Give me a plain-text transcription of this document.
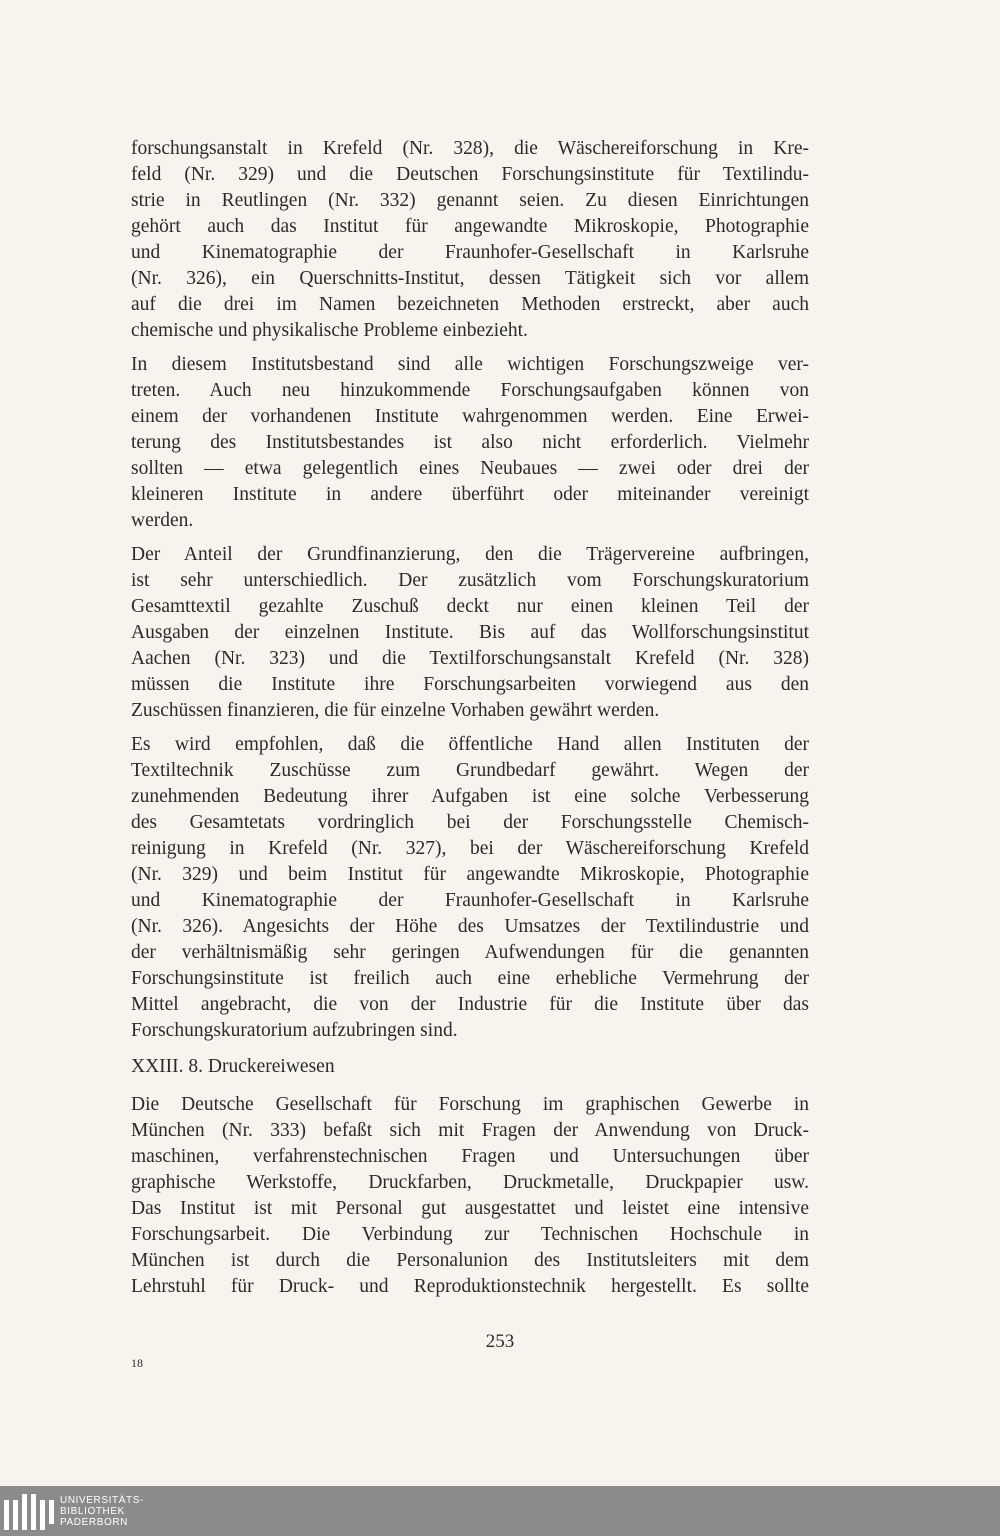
forschungsanstalt in Krefeld (Nr. 328), die Wäschereiforschung in Kre-
feld (Nr. 329) und die Deutschen Forschungsinstitute für Textilindu-
strie in Reutlingen (Nr. 332) genannt seien. Zu diesen Einrichtungen
gehört auch das Institut für angewandte Mikroskopie, Photographie
und Kinematographie der Fraunhofer-Gesellschaft in Karlsruhe
(Nr. 326), ein Querschnitts-Institut, dessen Tätigkeit sich vor allem
auf die drei im Namen bezeichneten Methoden erstreckt, aber auch
chemische und physikalische Probleme einbezieht.

In diesem Institutsbestand sind alle wichtigen Forschungszweige ver-
treten. Auch neu hinzukommende Forschungsaufgaben können von
einem der vorhandenen Institute wahrgenommen werden. Eine Erwei-
terung des Institutsbestandes ist also nicht erforderlich. Vielmehr
sollten — etwa gelegentlich eines Neubaues — zwei oder drei der
kleineren Institute in andere überführt oder miteinander vereinigt
werden.

Der Anteil der Grundfinanzierung, den die Trägervereine aufbringen,
ist sehr unterschiedlich. Der zusätzlich vom Forschungskuratorium
Gesamttextil gezahlte Zuschuß deckt nur einen kleinen Teil der
Ausgaben der einzelnen Institute. Bis auf das Wollforschungsinstitut
Aachen (Nr. 323) und die Textilforschungsanstalt Krefeld (Nr. 328)
müssen die Institute ihre Forschungsarbeiten vorwiegend aus den
Zuschüssen finanzieren, die für einzelne Vorhaben gewährt werden.

Es wird empfohlen, daß die öffentliche Hand allen Instituten der
Textiltechnik Zuschüsse zum Grundbedarf gewährt. Wegen der
zunehmenden Bedeutung ihrer Aufgaben ist eine solche Verbesserung
des Gesamtetats vordringlich bei der Forschungsstelle Chemisch-
reinigung in Krefeld (Nr. 327), bei der Wäschereiforschung Krefeld
(Nr. 329) und beim Institut für angewandte Mikroskopie, Photographie
und Kinematographie der Fraunhofer-Gesellschaft in Karlsruhe
(Nr. 326). Angesichts der Höhe des Umsatzes der Textilindustrie und
der verhältnismäßig sehr geringen Aufwendungen für die genannten
Forschungsinstitute ist freilich auch eine erhebliche Vermehrung der
Mittel angebracht, die von der Industrie für die Institute über das
Forschungskuratorium aufzubringen sind.

XXIII. 8. Druckereiwesen

Die Deutsche Gesellschaft für Forschung im graphischen Gewerbe in
München (Nr. 333) befaßt sich mit Fragen der Anwendung von Druck-
maschinen, verfahrenstechnischen Fragen und Untersuchungen über
graphische Werkstoffe, Druckfarben, Druckmetalle, Druckpapier usw.
Das Institut ist mit Personal gut ausgestattet und leistet eine intensive
Forschungsarbeit. Die Verbindung zur Technischen Hochschule in
München ist durch die Personalunion des Institutsleiters mit dem
Lehrstuhl für Druck- und Reproduktionstechnik hergestellt. Es sollte

253
18
UNIVERSITÄTS-
BIBLIOTHEK
PADERBORN
